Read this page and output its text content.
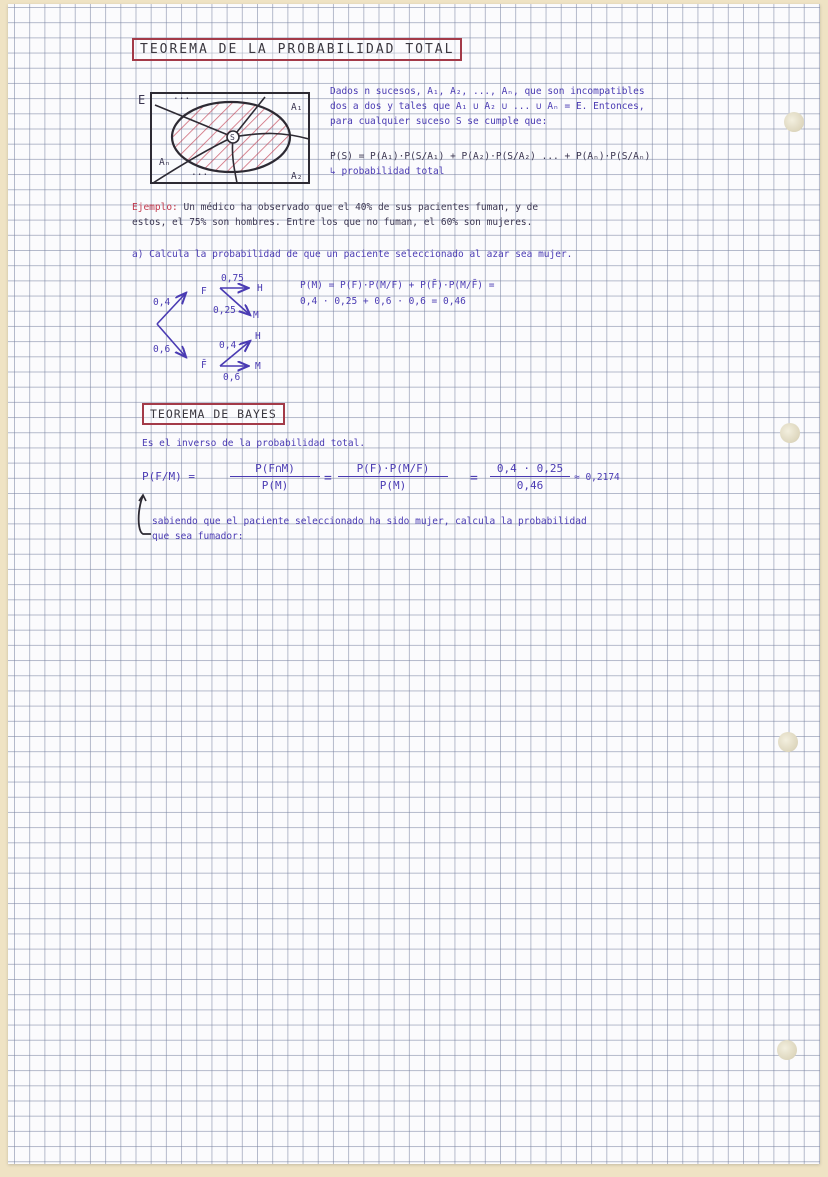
TEOREMA DE LA PROBABILIDAD TOTAL
E	...
A₁
S
Aₙ
...	A₂
Dados n sucesos, A₁, A₂, ..., Aₙ, que son incompatibles
dos a dos y tales que A₁ ∪ A₂ ∪ ... ∪ Aₙ = E. Entonces,
para cualquier suceso S se cumple que:
P(S) = P(A₁)·P(S/A₁) + P(A₂)·P(S/A₂) ... + P(Aₙ)·P(S/Aₙ)
↳ probabilidad total
Ejemplo: Un médico ha observado que el 40% de sus pacientes fuman, y de
estos, el 75% son hombres. Entre los que no fuman, el 60% son mujeres.
a) Calcula la probabilidad de que un paciente seleccionado al azar sea mujer.
0,4
0,6
F
F̄
0,75
0,25
0,4
0,6
H
M
H
M
P(M) = P(F)·P(M/F) + P(F̄)·P(M/F̄) =
0,4 · 0,25 + 0,6 · 0,6 = 0,46
TEOREMA DE BAYES
Es el inverso de la probabilidad total.
P(F/M) =	$\frac{P(F\cap M)}{P(M)} = \frac{P(F)\cdot P(M/F)}{P(M)} = \frac{0,4 \cdot 0,25}{0,46} \approx 0,2174$
sabiendo que el paciente seleccionado ha sido mujer, calcula la probabilidad
que sea fumador:
